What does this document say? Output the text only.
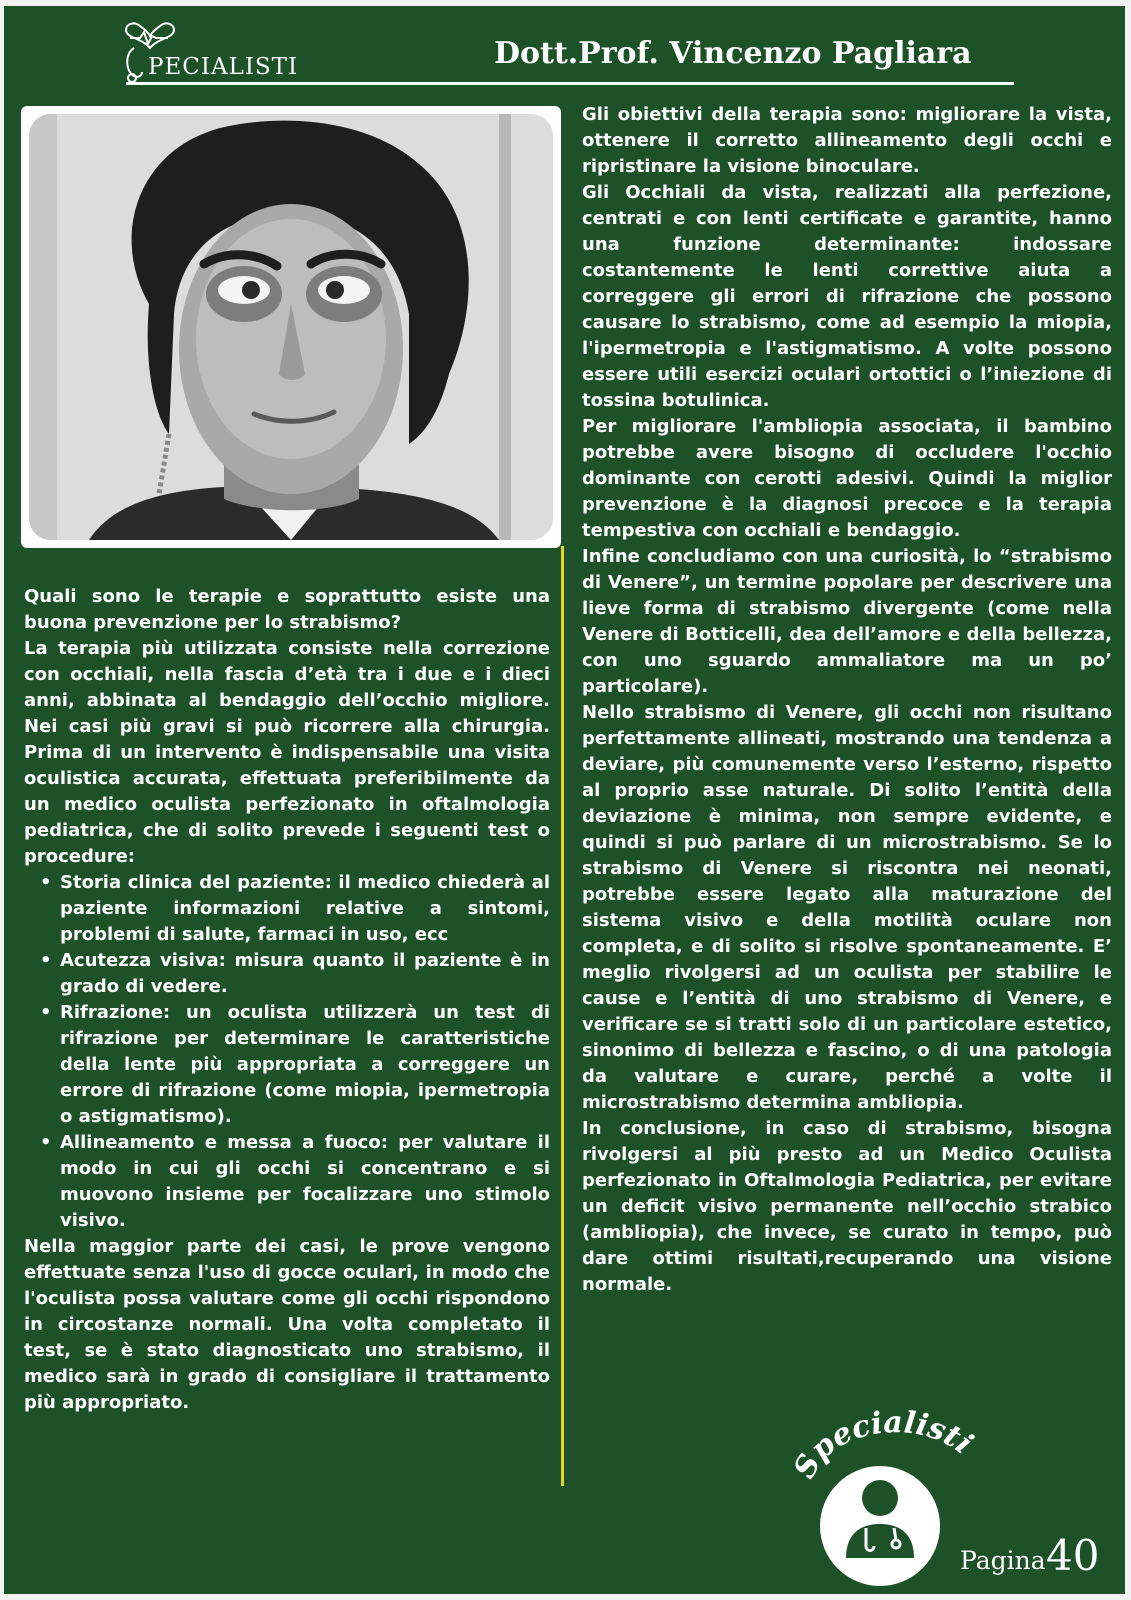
PECIALISTI	Dott.Prof. Vincenzo Pagliara

Quali sono le terapie e soprattutto esiste una buona prevenzione per lo strabismo?

La terapia più utilizzata consiste nella correzione con occhiali, nella fascia d’età tra i due e i dieci anni, abbinata al bendaggio dell’occhio migliore. Nei casi più gravi si può ricorrere alla chirurgia. Prima di un intervento è indispensabile una visita oculistica accurata, effettuata preferibilmente da un medico oculista perfezionato in oftalmologia pediatrica, che di solito prevede i seguenti test o procedure:

• Storia clinica del paziente: il medico chiederà al paziente informazioni relative a sintomi, problemi di salute, farmaci in uso, ecc
• Acutezza visiva: misura quanto il paziente è in grado di vedere.
• Rifrazione: un oculista utilizzerà un test di rifrazione per determinare le caratteristiche della lente più appropriata a correggere un errore di rifrazione (come miopia, ipermetropia o astigmatismo).
• Allineamento e messa a fuoco: per valutare il modo in cui gli occhi si concentrano e si muovono insieme per focalizzare uno stimolo visivo.

Nella maggior parte dei casi, le prove vengono effettuate senza l'uso di gocce oculari, in modo che l'oculista possa valutare come gli occhi rispondono in circostanze normali. Una volta completato il test, se è stato diagnosticato uno strabismo, il medico sarà in grado di consigliare il trattamento più appropriato.

Gli obiettivi della terapia sono: migliorare la vista, ottenere il corretto allineamento degli occhi e ripristinare la visione binoculare.

Gli Occhiali da vista, realizzati alla perfezione, centrati e con lenti certificate e garantite, hanno una funzione determinante: indossare costantemente le lenti correttive aiuta a correggere gli errori di rifrazione che possono causare lo strabismo, come ad esempio la miopia, l'ipermetropia e l'astigmatismo. A volte possono essere utili esercizi oculari ortottici o l’iniezione di tossina botulinica.

Per migliorare l'ambliopia associata, il bambino potrebbe avere bisogno di occludere l'occhio dominante con cerotti adesivi. Quindi la miglior prevenzione è la diagnosi precoce e la terapia tempestiva con occhiali e bendaggio.

Infine concludiamo con una curiosità, lo “strabismo di Venere”, un termine popolare per descrivere una lieve forma di strabismo divergente (come nella Venere di Botticelli, dea dell’amore e della bellezza, con uno sguardo ammaliatore ma un po’ particolare).

Nello strabismo di Venere, gli occhi non risultano perfettamente allineati, mostrando una tendenza a deviare, più comunemente verso l’esterno, rispetto al proprio asse naturale. Di solito l’entità della deviazione è minima, non sempre evidente, e quindi si può parlare di un microstrabismo. Se lo strabismo di Venere si riscontra nei neonati, potrebbe essere legato alla maturazione del sistema visivo e della motilità oculare non completa, e di solito si risolve spontaneamente. E’ meglio rivolgersi ad un oculista per stabilire le cause e l’entità di uno strabismo di Venere, e verificare se si tratti solo di un particolare estetico, sinonimo di bellezza e fascino, o di una patologia da valutare e curare, perché a volte il microstrabismo determina ambliopia.

In conclusione, in caso di strabismo, bisogna rivolgersi al più presto ad un Medico Oculista perfezionato in Oftalmologia Pediatrica, per evitare un deficit visivo permanente nell’occhio strabico (ambliopia), che invece, se curato in tempo, può dare ottimi risultati,recuperando una visione normale.

Specialisti
Pagina 40
